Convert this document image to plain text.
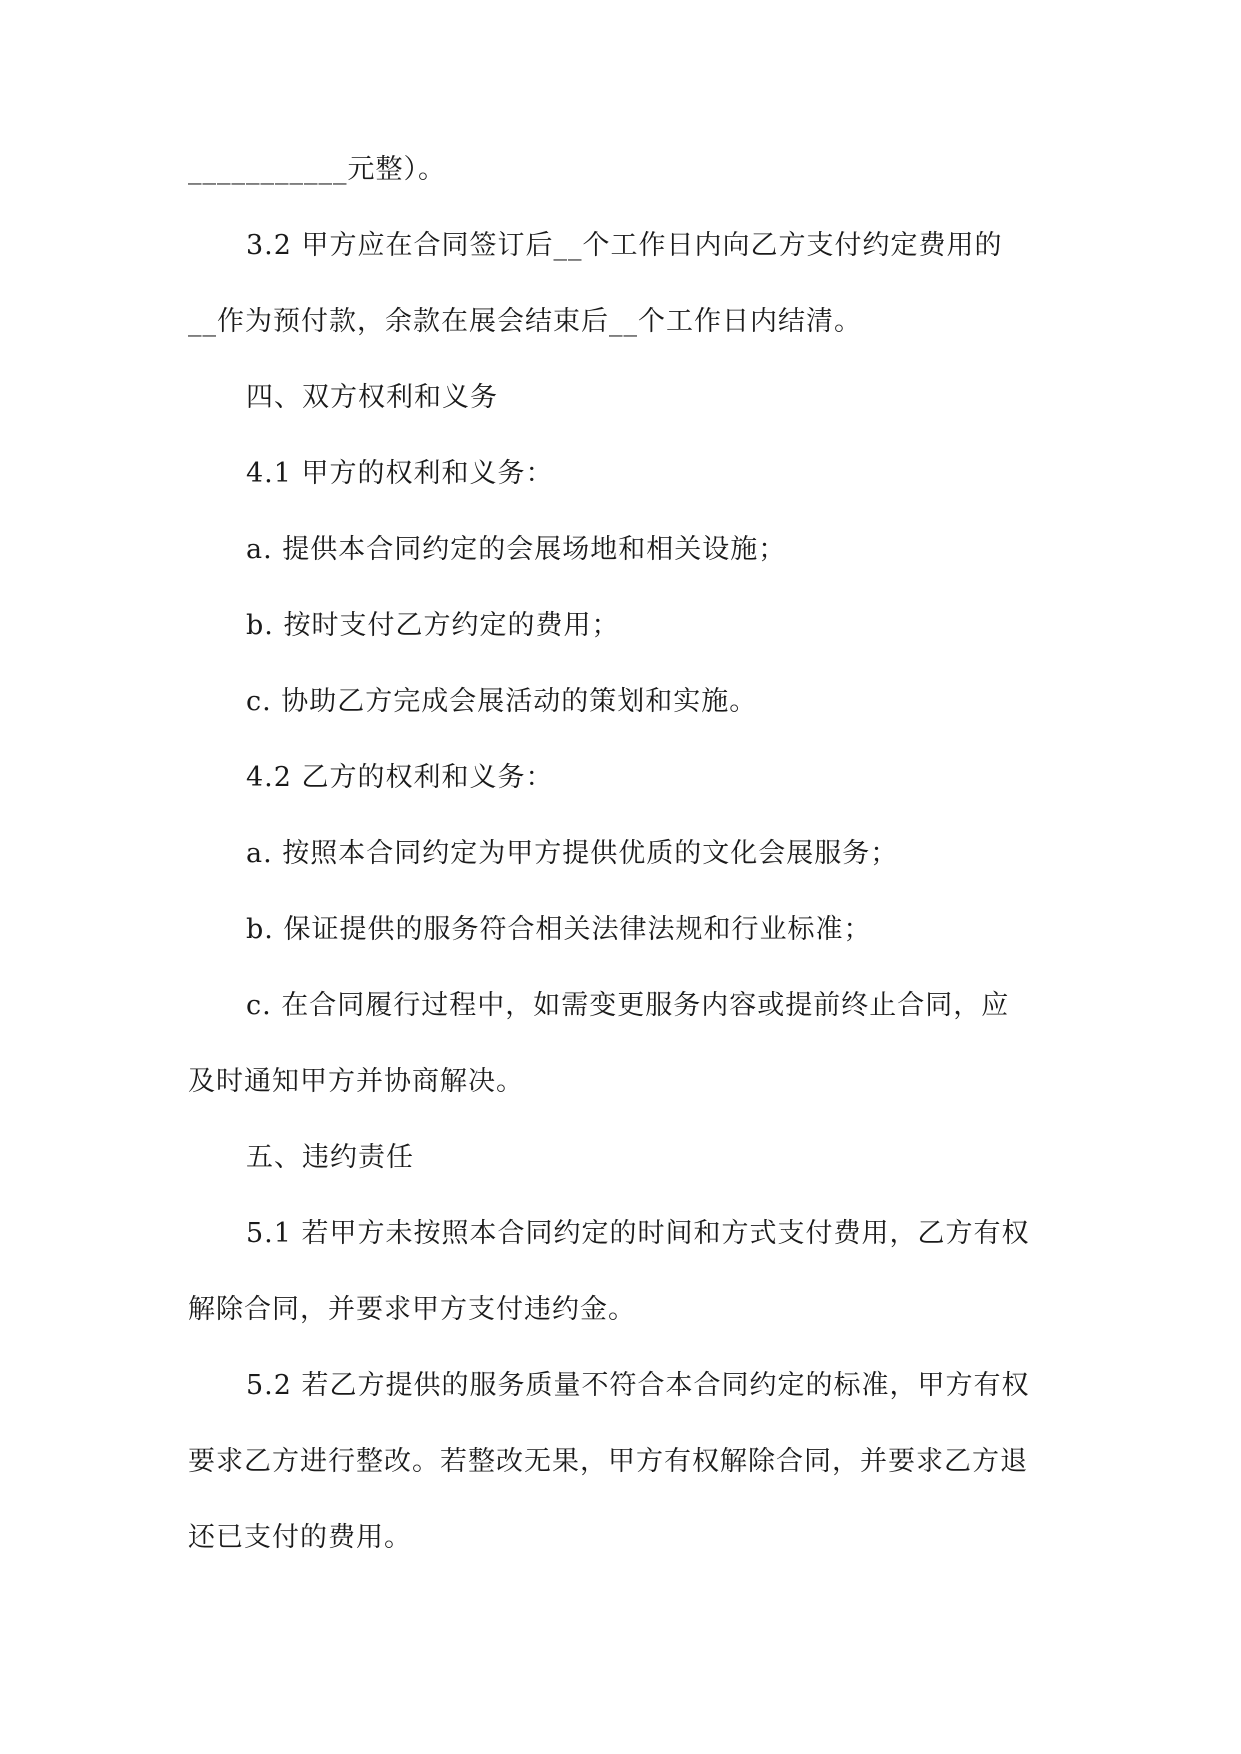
___________元整）。
3.2 甲方应在合同签订后__个工作日内向乙方支付约定费用的
__作为预付款，余款在展会结束后__个工作日内结清。
四、双方权利和义务
4.1 甲方的权利和义务：
a. 提供本合同约定的会展场地和相关设施；
b. 按时支付乙方约定的费用；
c. 协助乙方完成会展活动的策划和实施。
4.2 乙方的权利和义务：
a. 按照本合同约定为甲方提供优质的文化会展服务；
b. 保证提供的服务符合相关法律法规和行业标准；
c. 在合同履行过程中，如需变更服务内容或提前终止合同，应
及时通知甲方并协商解决。
五、违约责任
5.1 若甲方未按照本合同约定的时间和方式支付费用，乙方有权
解除合同，并要求甲方支付违约金。
5.2 若乙方提供的服务质量不符合本合同约定的标准，甲方有权
要求乙方进行整改。若整改无果，甲方有权解除合同，并要求乙方退
还已支付的费用。
